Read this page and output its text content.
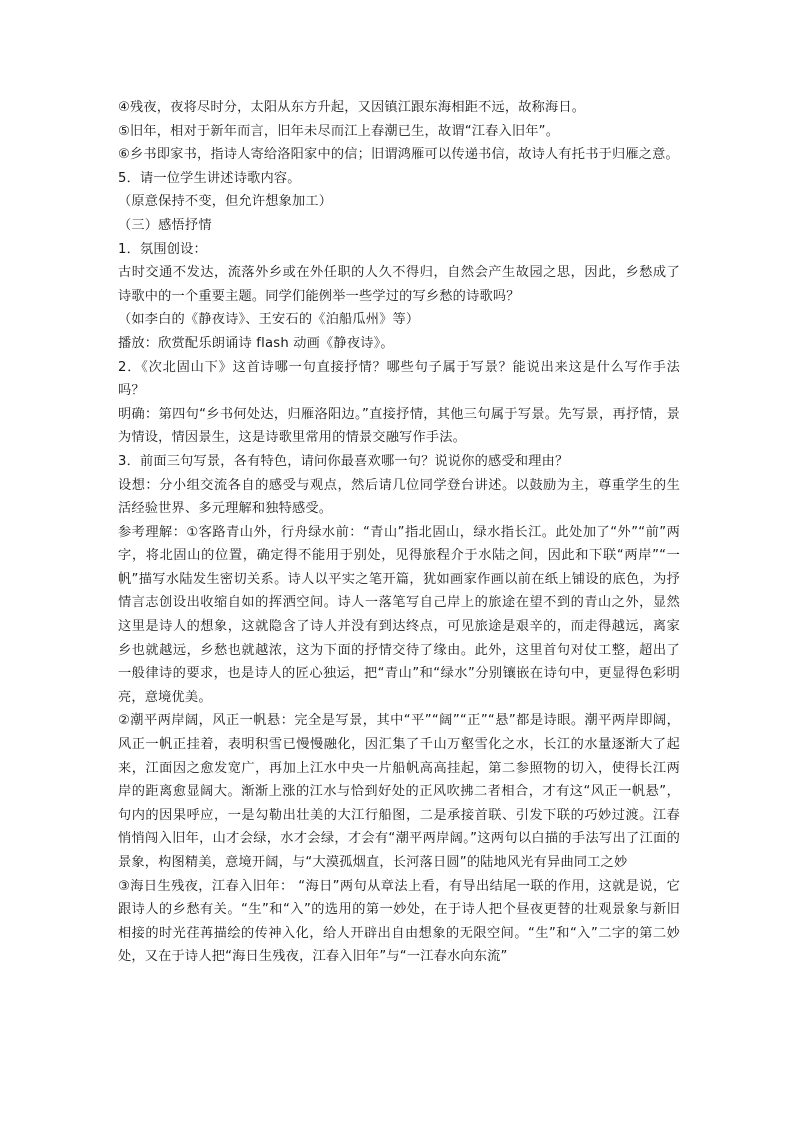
④残夜，夜将尽时分，太阳从东方升起，又因镇江跟东海相距不远，故称海日。

⑤旧年，相对于新年而言，旧年未尽而江上春潮已生，故谓“江春入旧年”。

⑥乡书即家书，指诗人寄给洛阳家中的信；旧谓鸿雁可以传递书信，故诗人有托书于归雁之意。

5．请一位学生讲述诗歌内容。

（原意保持不变，但允许想象加工）

（三）感悟抒情

1．氛围创设：

古时交通不发达，流落外乡或在外任职的人久不得归，自然会产生故园之思，因此，乡愁成了诗歌中的一个重要主题。同学们能例举一些学过的写乡愁的诗歌吗？

（如李白的《静夜诗》、王安石的《泊船瓜州》等）

播放：欣赏配乐朗诵诗 flash 动画《静夜诗》。

2．《次北固山下》这首诗哪一句直接抒情？哪些句子属于写景？能说出来这是什么写作手法吗？

明确：第四句“乡书何处达，归雁洛阳边。”直接抒情，其他三句属于写景。先写景，再抒情，景为情设，情因景生，这是诗歌里常用的情景交融写作手法。

3．前面三句写景，各有特色，请问你最喜欢哪一句？说说你的感受和理由？

设想：分小组交流各自的感受与观点，然后请几位同学登台讲述。以鼓励为主，尊重学生的生活经验世界、多元理解和独特感受。

参考理解：①客路青山外，行舟绿水前：“青山”指北固山，绿水指长江。此处加了“外”“前”两字，将北固山的位置，确定得不能用于别处，见得旅程介于水陆之间，因此和下联“两岸”“一帆”描写水陆发生密切关系。诗人以平实之笔开篇，犹如画家作画以前在纸上铺设的底色，为抒情言志创设出收缩自如的挥洒空间。诗人一落笔写自己岸上的旅途在望不到的青山之外，显然这里是诗人的想象，这就隐含了诗人并没有到达终点，可见旅途是艰辛的，而走得越远，离家乡也就越远，乡愁也就越浓，这为下面的抒情交待了缘由。此外，这里首句对仗工整，超出了一般律诗的要求，也是诗人的匠心独运，把“青山”和“绿水”分别镶嵌在诗句中，更显得色彩明亮，意境优美。

②潮平两岸阔，风正一帆悬：完全是写景，其中“平”“阔”“正”“悬”都是诗眼。潮平两岸即阔，风正一帆正挂着，表明积雪已慢慢融化，因汇集了千山万壑雪化之水，长江的水量逐渐大了起来，江面因之愈发宽广，再加上江水中央一片船帆高高挂起，第二参照物的切入，使得长江两岸的距离愈显阔大。渐渐上涨的江水与恰到好处的正风吹拂二者相合，才有这“风正一帆悬”，句内的因果呼应，一是勾勒出壮美的大江行船图，二是承接首联、引发下联的巧妙过渡。江春悄悄闯入旧年，山才会绿，水才会绿，才会有“潮平两岸阔。”这两句以白描的手法写出了江面的景象，构图精美，意境开阔，与“大漠孤烟直，长河落日圆”的陆地风光有异曲同工之妙

③海日生残夜，江春入旧年： “海日”两句从章法上看，有导出结尾一联的作用，这就是说，它跟诗人的乡愁有关。“生”和“入”的选用的第一妙处，在于诗人把个昼夜更替的壮观景象与新旧相接的时光荏苒描绘的传神入化，给人开辟出自由想象的无限空间。“生”和“入”二字的第二妙处，又在于诗人把“海日生残夜，江春入旧年”与“一江春水向东流”
